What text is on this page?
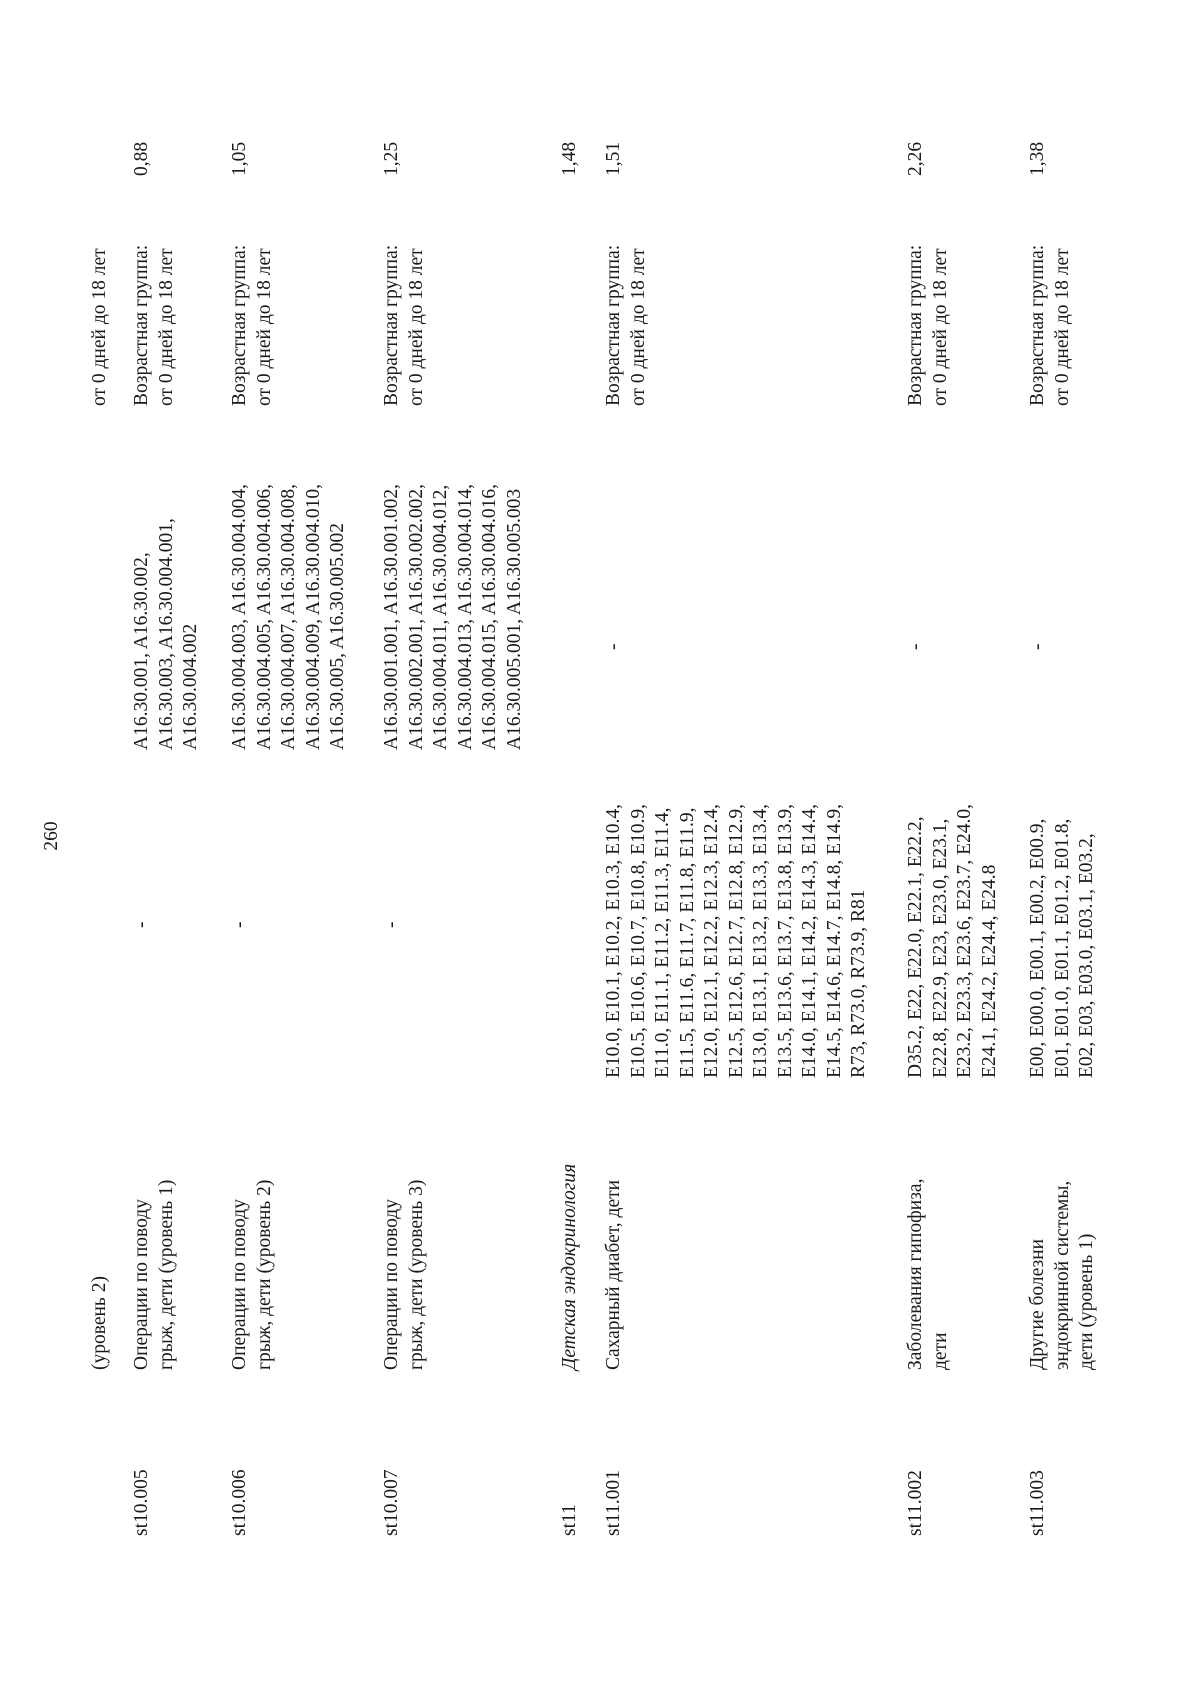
260
(уровень 2)
от 0 дней до 18 лет
st10.005
Операции по поводу
грыж, дети (уровень 1)
-
A16.30.001, A16.30.002,
A16.30.003, A16.30.004.001,
A16.30.004.002
Возрастная группа:
от 0 дней до 18 лет
0,88
st10.006
Операции по поводу
грыж, дети (уровень 2)
-
A16.30.004.003, A16.30.004.004,
A16.30.004.005, A16.30.004.006,
A16.30.004.007, A16.30.004.008,
A16.30.004.009, A16.30.004.010,
A16.30.005, A16.30.005.002
Возрастная группа:
от 0 дней до 18 лет
1,05
st10.007
Операции по поводу
грыж, дети (уровень 3)
-
A16.30.001.001, A16.30.001.002,
A16.30.002.001, A16.30.002.002,
A16.30.004.011, A16.30.004.012,
A16.30.004.013, A16.30.004.014,
A16.30.004.015, A16.30.004.016,
A16.30.005.001, A16.30.005.003
Возрастная группа:
от 0 дней до 18 лет
1,25
st11
Детская эндокринология
1,48
st11.001
Сахарный диабет, дети
E10.0, E10.1, E10.2, E10.3, E10.4,
E10.5, E10.6, E10.7, E10.8, E10.9,
E11.0, E11.1, E11.2, E11.3, E11.4,
E11.5, E11.6, E11.7, E11.8, E11.9,
E12.0, E12.1, E12.2, E12.3, E12.4,
E12.5, E12.6, E12.7, E12.8, E12.9,
E13.0, E13.1, E13.2, E13.3, E13.4,
E13.5, E13.6, E13.7, E13.8, E13.9,
E14.0, E14.1, E14.2, E14.3, E14.4,
E14.5, E14.6, E14.7, E14.8, E14.9,
R73, R73.0, R73.9, R81
-
Возрастная группа:
от 0 дней до 18 лет
1,51
st11.002
Заболевания гипофиза,
дети
D35.2, E22, E22.0, E22.1, E22.2,
E22.8, E22.9, E23, E23.0, E23.1,
E23.2, E23.3, E23.6, E23.7, E24.0,
E24.1, E24.2, E24.4, E24.8
-
Возрастная группа:
от 0 дней до 18 лет
2,26
st11.003
Другие болезни
эндокринной системы,
дети (уровень 1)
E00, E00.0, E00.1, E00.2, E00.9,
E01, E01.0, E01.1, E01.2, E01.8,
E02, E03, E03.0, E03.1, E03.2,
-
Возрастная группа:
от 0 дней до 18 лет
1,38
